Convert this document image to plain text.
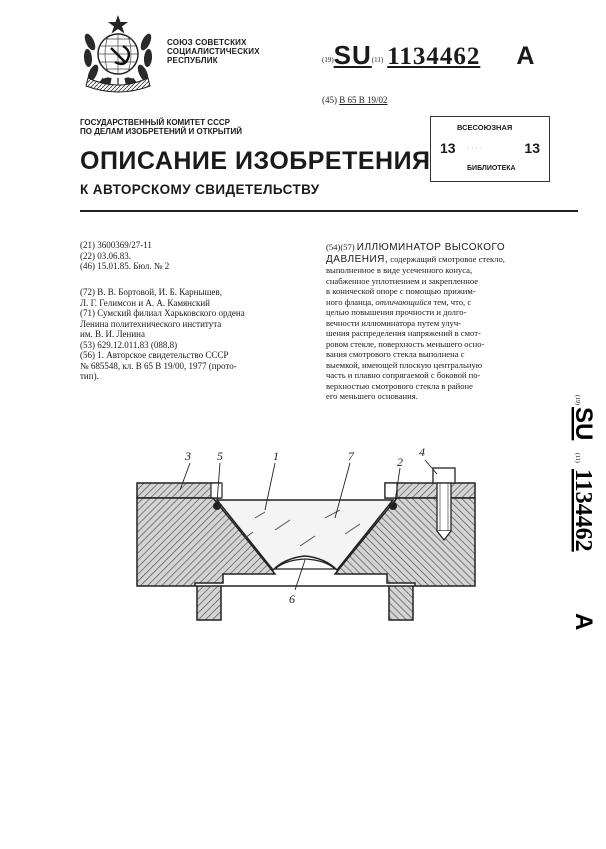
СОЮЗ СОВЕТСКИХ
СОЦИАЛИСТИЧЕСКИХ
РЕСПУБЛИК	(19)SU(11) 1134462 A
(45) В 65 В 19/02
ГОСУДАРСТВЕННЫЙ КОМИТЕТ СССР
ПО ДЕЛАМ ИЗОБРЕТЕНИЙ И ОТКРЫТИЙ	ВСЕСОЮЗНАЯ
13 · · · ·	13
БИБЛИОТЕКА
ОПИСАНИЕ ИЗОБРЕТЕНИЯ
К АВТОРСКОМУ СВИДЕТЕЛЬСТВУ
(21) 3600369/27-11
(22) 03.06.83.
(46) 15.01.85. Бюл. № 2
(72) В. В. Бортовой, И. Б. Карнышев,
Л. Г. Гелимсон и А. А. Камянский
(71) Сумский филиал Харьковского ордена
Ленина политехнического института
им. В. И. Ленина
(53) 629.12.011.83 (088.8)
(56) 1. Авторское свидетельство СССР
№ 685548, кл. В 65 В 19/00, 1977 (прото-
тип).
(54)(57) ИЛЛЮМИНАТОР ВЫСОКОГО
ДАВЛЕНИЯ, содержащий смотровое стекло,
выполненное в виде усеченного конуса,
снабженное уплотнением и закрепленное
в конической опоре с помощью прижим-
ного фланца, отличающийся тем, что, с
целью повышения прочности и долго-
вечности иллюминатора путем улуч-
шения распределения напряжений в смот-
ровом стекле, поверхность меньшего осно-
вания смотрового стекла выполнена с
выемкой, имеющей плоскую центральную
часть и плавно сопрягаемой с боковой по-
верхностью смотрового стекла в районе
его меньшего основания.	(19)
SU
(11)
1134462
A
3 5	1	7	2
4
6
